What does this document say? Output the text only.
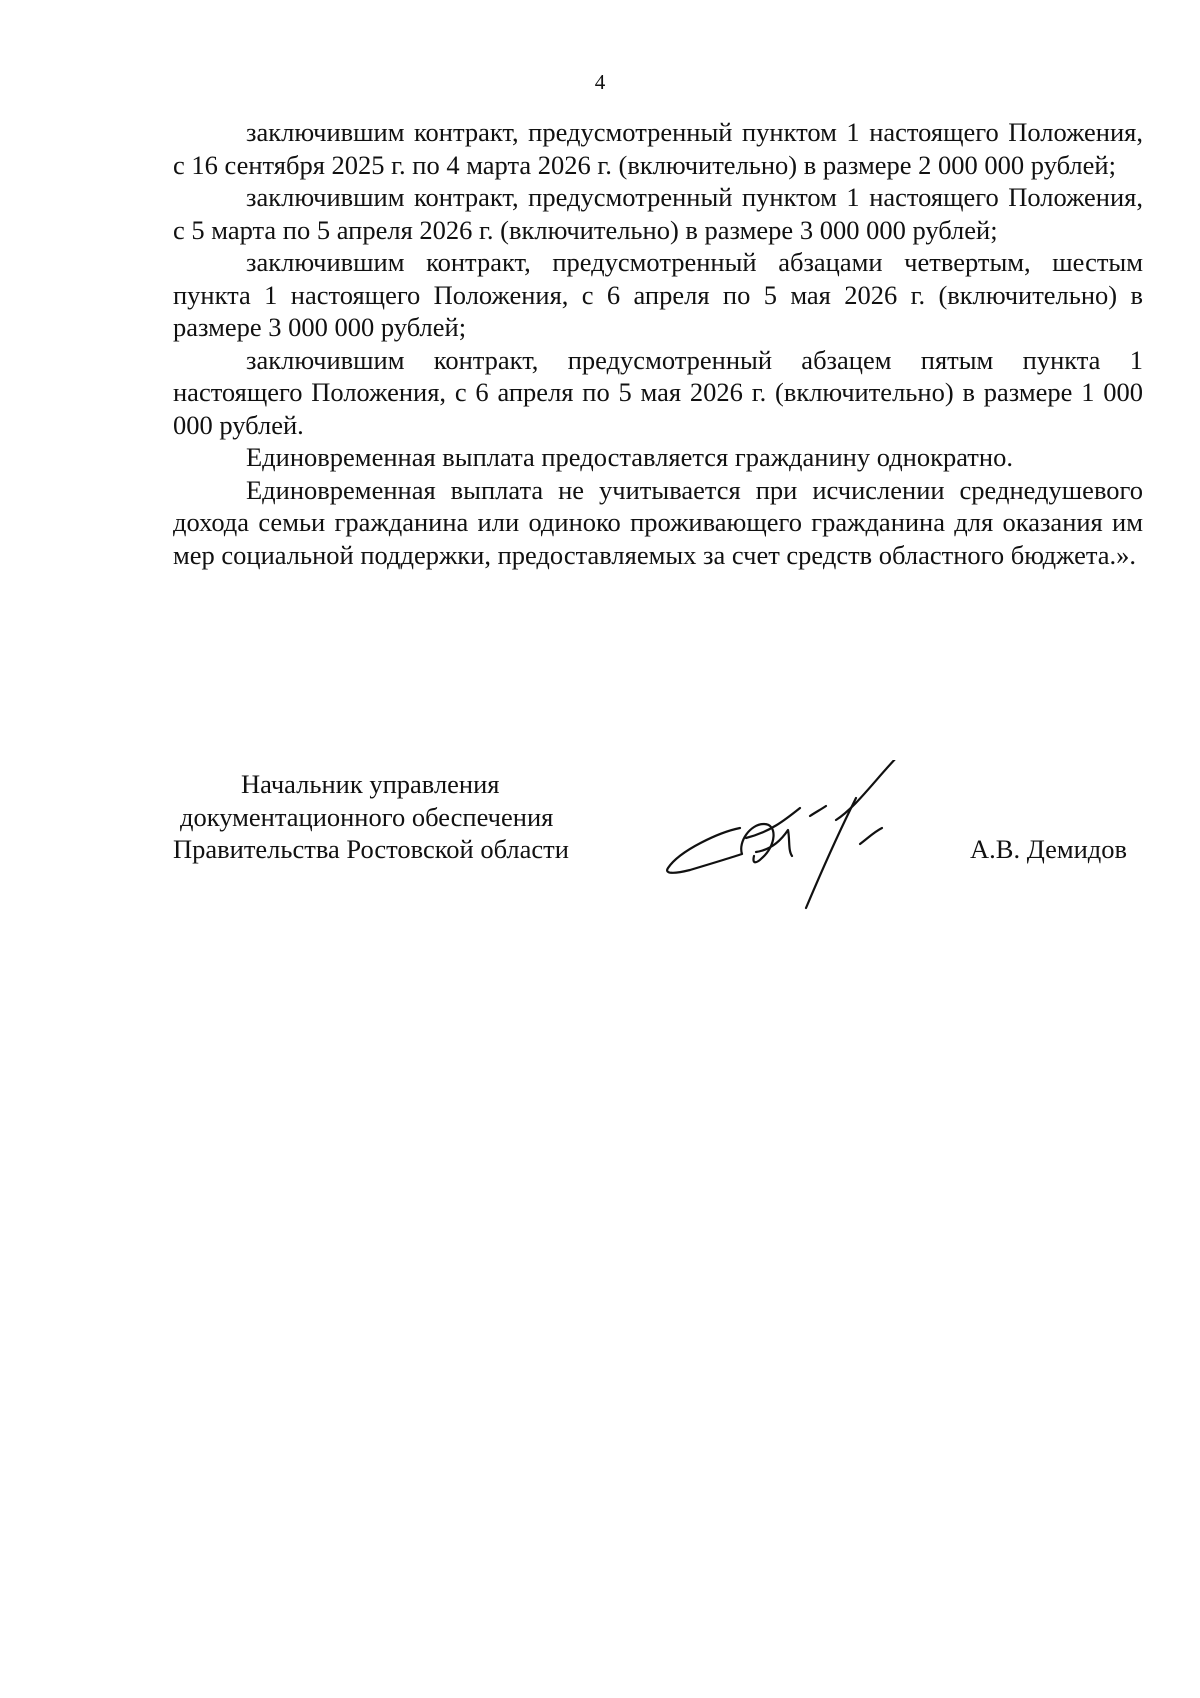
4

заключившим контракт, предусмотренный пунктом 1 настоящего Положения, с 16 сентября 2025 г. по 4 марта 2026 г. (включительно) в размере 2 000 000 рублей;

заключившим контракт, предусмотренный пунктом 1 настоящего Положения, с 5 марта по 5 апреля 2026 г. (включительно) в размере 3 000 000 рублей;

заключившим контракт, предусмотренный абзацами четвертым, шестым пункта 1 настоящего Положения, с 6 апреля по 5 мая 2026 г. (включительно) в размере 3 000 000 рублей;

заключившим контракт, предусмотренный абзацем пятым пункта 1 настоящего Положения, с 6 апреля по 5 мая 2026 г. (включительно) в размере 1 000 000 рублей.

Единовременная выплата предоставляется гражданину однократно.

Единовременная выплата не учитывается при исчислении среднедушевого дохода семьи гражданина или одиноко проживающего гражданина для оказания им мер социальной поддержки, предоставляемых за счет средств областного бюджета.».

Начальник управления
документационного обеспечения
Правительства Ростовской области	А.В. Демидов
